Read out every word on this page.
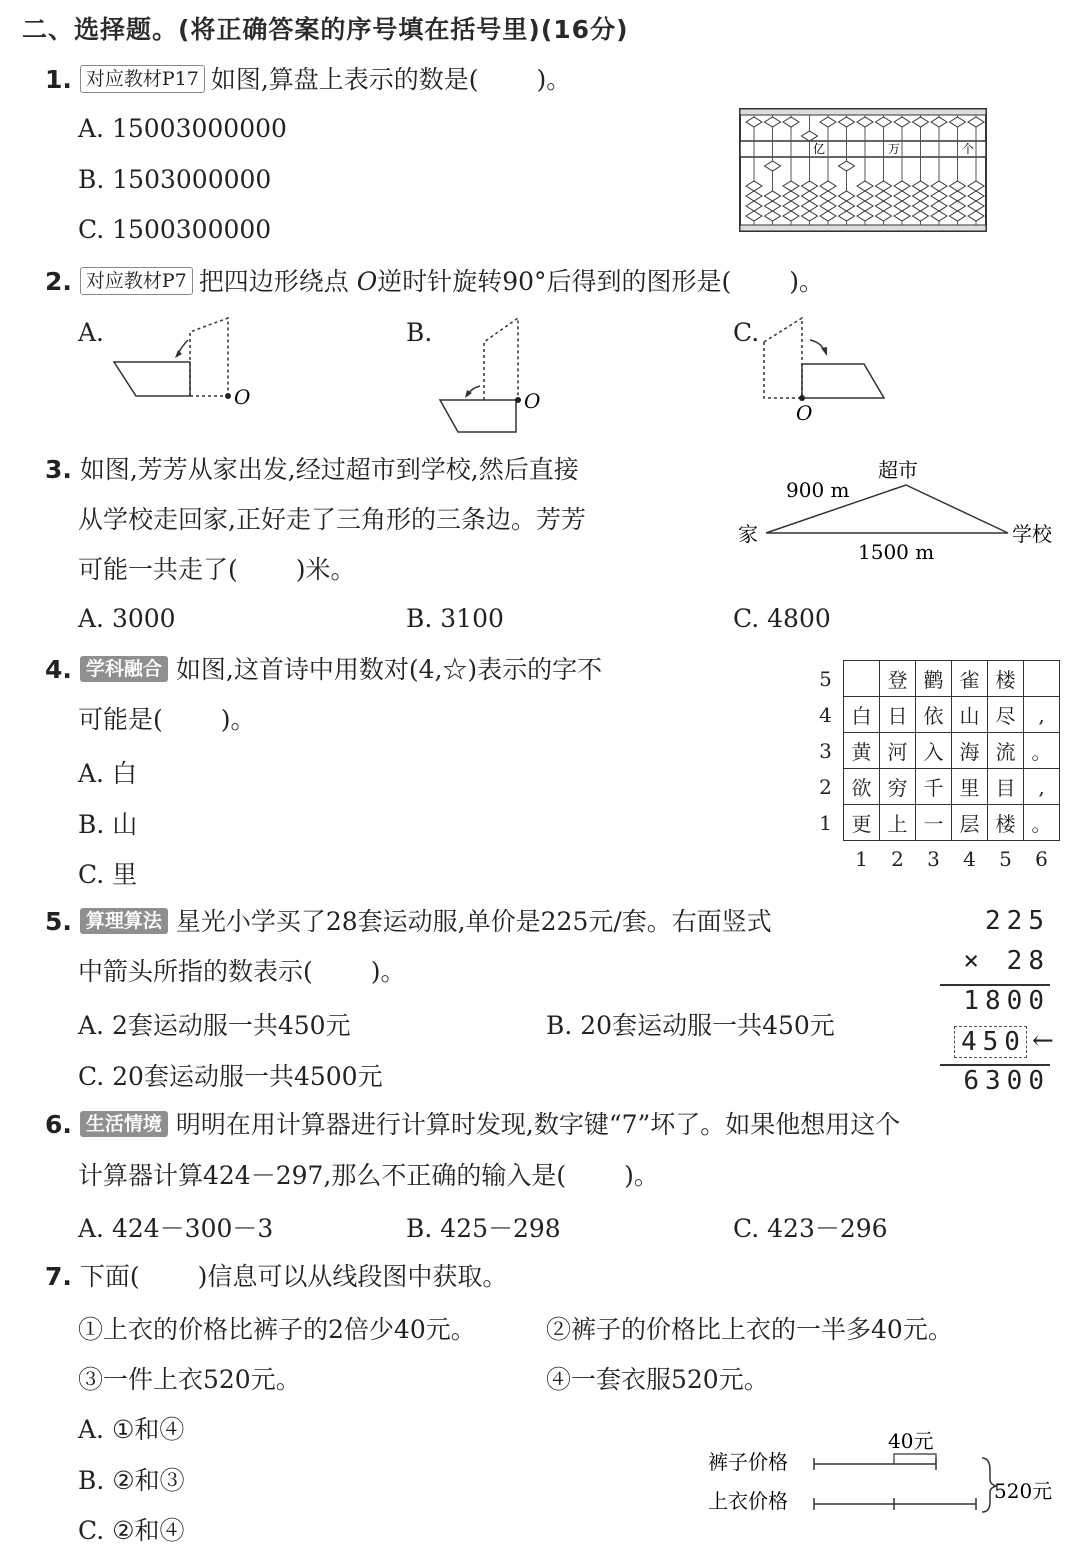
二、选择题。(将正确答案的序号填在括号里)(16分)
1. 对应教材P17 如图,算盘上表示的数是( )。
A. 15003000000
B. 1503000000
C. 1500300000
亿	万	个
2. 对应教材P7 把四边形绕点 O逆时针旋转90°后得到的图形是( )。
A.	B.	C.
O	O	O
3. 如图,芳芳从家出发,经过超市到学校,然后直接
从学校走回家,正好走了三角形的三条边。芳芳
可能一共走了( )米。
A. 3000	B. 3100	C. 4800
家
超市
学校
900 m
1500 m
4. 学科融合 如图,这首诗中用数对(4,☆)表示的字不
可能是( )。
A. 白
B. 山
C. 里
5		登	鹳	雀	楼	
4	白	日	依	山	尽	,
3	黄	河	入	海	流	。
2	欲	穷	千	里	目	,
1	更	上	一	层	楼	。
	1	2	3	4	5	6
5. 算理算法 星光小学买了28套运动服,单价是225元/套。右面竖式
中箭头所指的数表示( )。
A. 2套运动服一共450元	B. 20套运动服一共450元
C. 20套运动服一共4500元
225
× 28
1800
450 ←
6300
6. 生活情境 明明在用计算器进行计算时发现,数字键“7”坏了。如果他想用这个
计算器计算424－297,那么不正确的输入是( )。
A. 424－300－3	B. 425－298	C. 423－296
7. 下面( )信息可以从线段图中获取。
①上衣的价格比裤子的2倍少40元。	②裤子的价格比上衣的一半多40元。
③一件上衣520元。	④一套衣服520元。
A. ①和④
B. ②和③
C. ②和④
裤子价格
上衣价格
40元
520元
